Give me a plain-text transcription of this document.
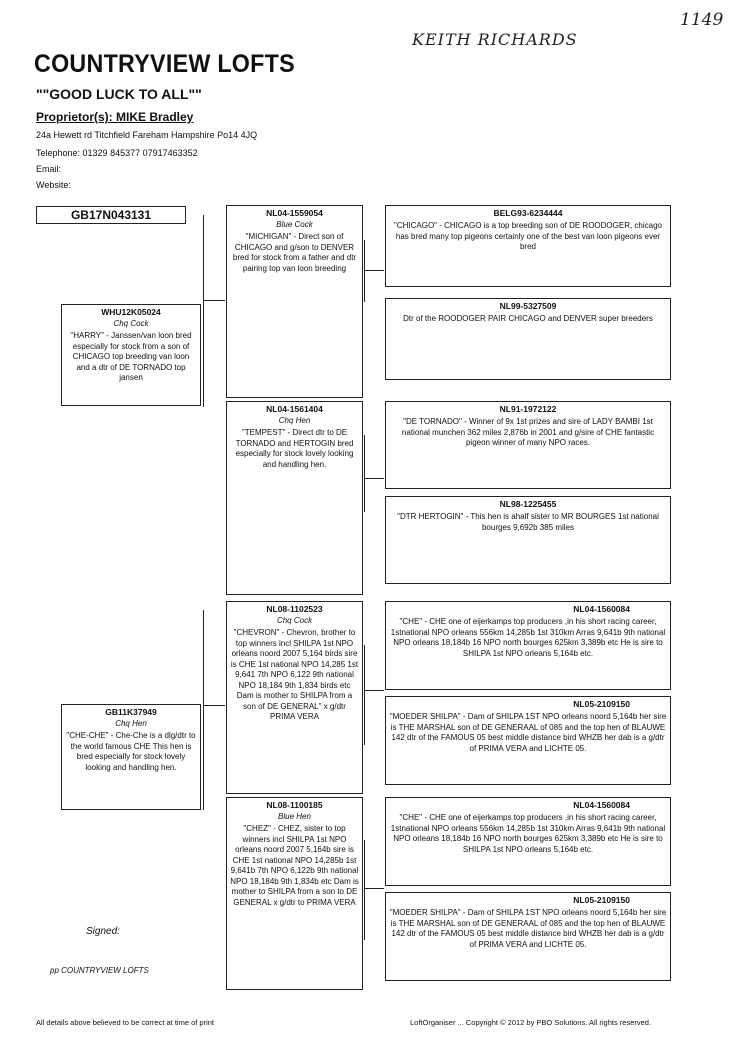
KEITH RICHARDS
1149
COUNTRYVIEW LOFTS
""GOOD LUCK TO ALL""
Proprietor(s): MIKE Bradley
24a Hewett rd Titchfield Fareham Hampshire Po14 4JQ
Telephone: 01329 845377 07917463352
Email:
Website:
GB17N043131
WHU12K05024
Chq Cock
"HARRY" - Janssen/van loon bred especially for stock from a son of CHICAGO top breeding van loon and a dtr of DE TORNADO top jansen
GB11K37949
Chq Hen
"CHE-CHE" - Che-Che is a dlg/dtr to the world famous CHE This hen is bred especially for stock lovely looking and handling hen.
NL04-1559054
Blue Cock
"MICHIGAN" - Direct son of CHICAGO and g/son to DENVER bred for stock from a father and dtr pairing top van loon breeding
NL04-1561404
Chq Hen
"TEMPEST" - Direct dtr to DE TORNADO and HERTOGIN bred especially for stock lovely looking and handling hen.
NL08-1102523
Chq Cock
"CHEVRON" - Chevron, brother to top winners incl SHILPA 1st NPO orleans noord 2007 5,164 birds sire is CHE 1st national NPO 14,285 1st 9,641 7th NPO 6,122 9th national NPO 18,184 9th 1,834 birds etc Dam is mother to SHILPA from a son of DE GENERAL" x g/dtr PRIMA VERA
NL08-1100185
Blue Hen
"CHEZ" - CHEZ, sister to top winners incl SHILPA 1st NPO orleans noord 2007 5,164b sire is CHE 1st national NPO 14,285b 1st 9,641b 7th NPO 6,122b 9th national NPO 18,184b 9th 1,834b etc Dam is mother to SHILPA from a son to DE GENERAL x g/dtr to PRIMA VERA
BELG93-6234444
"CHICAGO" - CHICAGO is a top breeding son of DE ROODOGER, chicago has bred many top pigeons certainly one of the best van loon pigeons ever bred
NL99-5327509
Dtr of the ROODOGER PAIR CHICAGO and DENVER super breeders
NL91-1972122
"DE TORNADO" - Winner of 9x 1st prizes and sire of LADY BAMBI 1st national munchen 362 miles 2,876b in 2001 and g/sire of CHE fantastic pigeon winner of many NPO races.
NL98-1225455
"DTR HERTOGIN" - This hen is ahalf sister to MR BOURGES 1st national bourges 9,692b 385 miles
NL04-1560084
"CHE" - CHE one of eijerkamps top producers ,in his short racing career, 1stnational NPO orleans 556km 14,285b 1st 310km Arras 9,641b 9th national NPO orleans 18,184b 16 NPO north bourges 625km 3,389b etc He is sire to SHILPA 1st NPO orleans 5,164b etc.
NL05-2109150
"MOEDER SHILPA" - Dam of SHILPA 1ST NPO orleans noord 5,164b her sire is THE MARSHAL son of DE GENERAAL of 085 and the top hen of BLAUWE 142 dtr of the FAMOUS 05 best middle distance bird WHZB her dab is a g/dtr of PRIMA VERA and LICHTE 05.
NL04-1560084
"CHE" - CHE one of eijerkamps top producers ,in his short racing career, 1stnational NPO orleans 556km 14,285b 1st 310km Arras 9,641b 9th national NPO orleans 18,184b 16 NPO north bourges 625km 3,389b etc He is sire to SHILPA 1st NPO orleans 5,164b etc.
NL05-2109150
"MOEDER SHILPA" - Dam of SHILPA 1ST NPO orleans noord 5,164b her sire is THE MARSHAL son of DE GENERAAL of 085 and the top hen of BLAUWE 142 dtr of the FAMOUS 05 best middle distance bird WHZB her dab is a g/dtr of PRIMA VERA and LICHTE 05.
Signed:
pp COUNTRYVIEW LOFTS
All details above believed to be correct at time of print	LoftOrganiser ... Copyright © 2012 by PBO Solutions. All rights reserved.
